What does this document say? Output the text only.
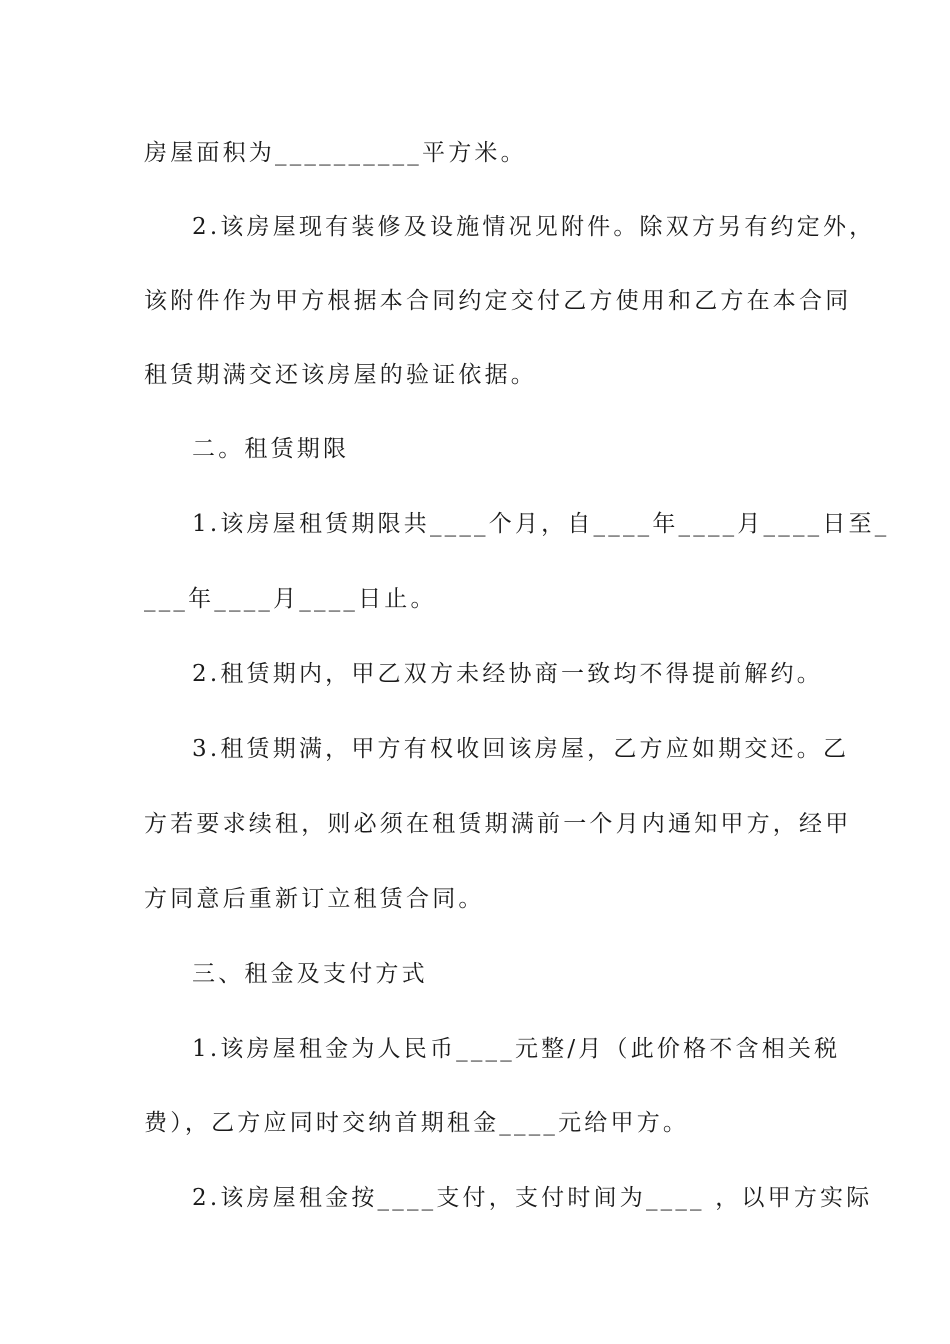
房屋面积为__________平方米。
2.该房屋现有装修及设施情况见附件。除双方另有约定外，
该附件作为甲方根据本合同约定交付乙方使用和乙方在本合同
租赁期满交还该房屋的验证依据。
二。租赁期限
1.该房屋租赁期限共____个月，自____年____月____日至_
___年____月____日止。
2.租赁期内，甲乙双方未经协商一致均不得提前解约。
3.租赁期满，甲方有权收回该房屋，乙方应如期交还。乙
方若要求续租，则必须在租赁期满前一个月内通知甲方，经甲
方同意后重新订立租赁合同。
三、租金及支付方式
1.该房屋租金为人民币____元整/月（此价格不含相关税
费），乙方应同时交纳首期租金____元给甲方。
2.该房屋租金按____支付，支付时间为____ ，以甲方实际
